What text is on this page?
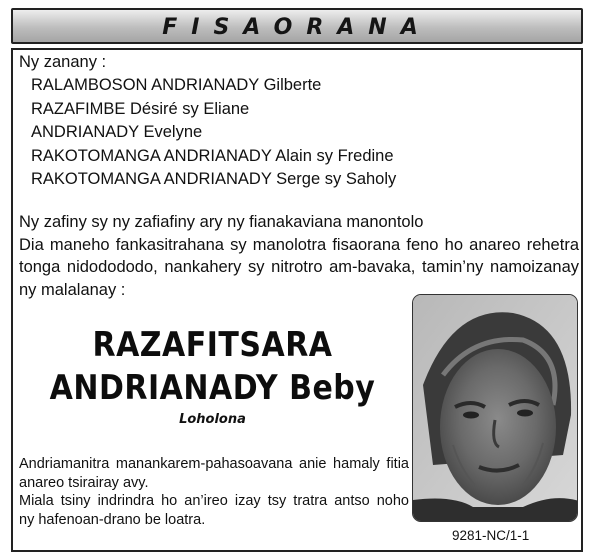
FISAORANA
Ny zanany :
RALAMBOSON ANDRIANADY Gilberte
RAZAFIMBE Désiré sy Eliane
ANDRIANADY Evelyne
RAKOTOMANGA ANDRIANADY Alain sy Fredine
RAKOTOMANGA ANDRIANADY Serge sy Saholy
Ny zafiny sy ny zafiafiny ary ny fianakaviana manontolo
Dia maneho fankasitrahana sy manolotra fisaorana feno ho anareo rehetra
tonga nidodododo, nankahery sy nitrotro am-bavaka, tamin’ny namoizanay
ny malalanay :
RAZAFITSARA
ANDRIANADY Beby
Loholona
Andriamanitra manankarem-pahasoavana anie hamaly fitia
anareo tsirairay avy.
Miala tsiny indrindra ho an’ireo izay tsy tratra antso noho
ny hafenoan-drano be loatra.
9281-NC/1-1
